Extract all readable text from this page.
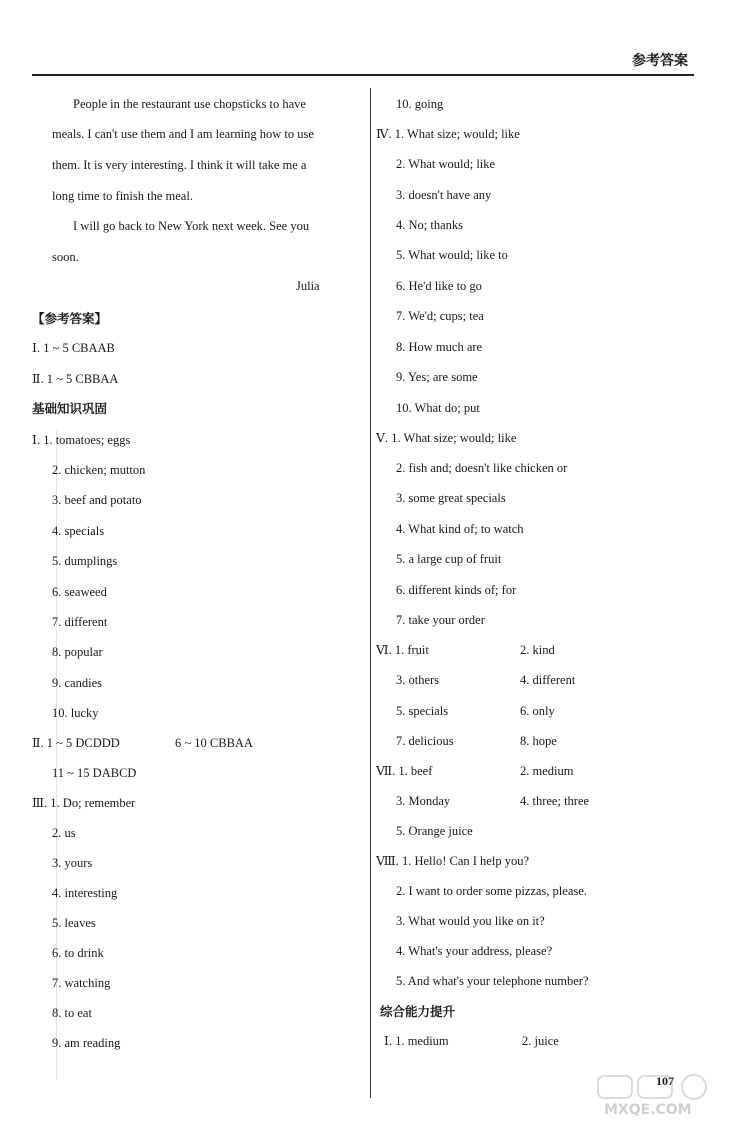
参考答案
People in the restaurant use chopsticks to have
meals. I can't use them and I am learning how to use
them. It is very interesting. I think it will take me a
long time to finish the meal.
I will go back to New York next week. See you
soon.
Julia
【参考答案】
Ⅰ. 1 ~ 5 CBAAB
Ⅱ. 1 ~ 5 CBBAA
基础知识巩固
Ⅰ. 1. tomatoes; eggs
2. chicken; mutton
3. beef and potato
4. specials
5. dumplings
6. seaweed
7. different
8. popular
9. candies
10. lucky
Ⅱ. 1 ~ 5 DCDDD	6 ~ 10 CBBAA
11 ~ 15 DABCD
Ⅲ. 1. Do; remember
2. us
3. yours
4. interesting
5. leaves
6. to drink
7. watching
8. to eat
9. am reading
10. going
Ⅳ. 1. What size; would; like
2. What would; like
3. doesn't have any
4. No; thanks
5. What would; like to
6. He'd like to go
7. We'd; cups; tea
8. How much are
9. Yes; are some
10. What do; put
Ⅴ. 1. What size; would; like
2. fish and; doesn't like chicken or
3. some great specials
4. What kind of; to watch
5. a large cup of fruit
6. different kinds of; for
7. take your order
Ⅵ. 1. fruit	2. kind
3. others	4. different
5. specials	6. only
7. delicious	8. hope
Ⅶ. 1. beef	2. medium
3. Monday	4. three; three
5. Orange juice
Ⅷ. 1. Hello! Can I help you?
2. I want to order some pizzas, please.
3. What would you like on it?
4. What's your address, please?
5. And what's your telephone number?
综合能力提升
Ⅰ. 1. medium	2. juice
107
MXQE.COM
